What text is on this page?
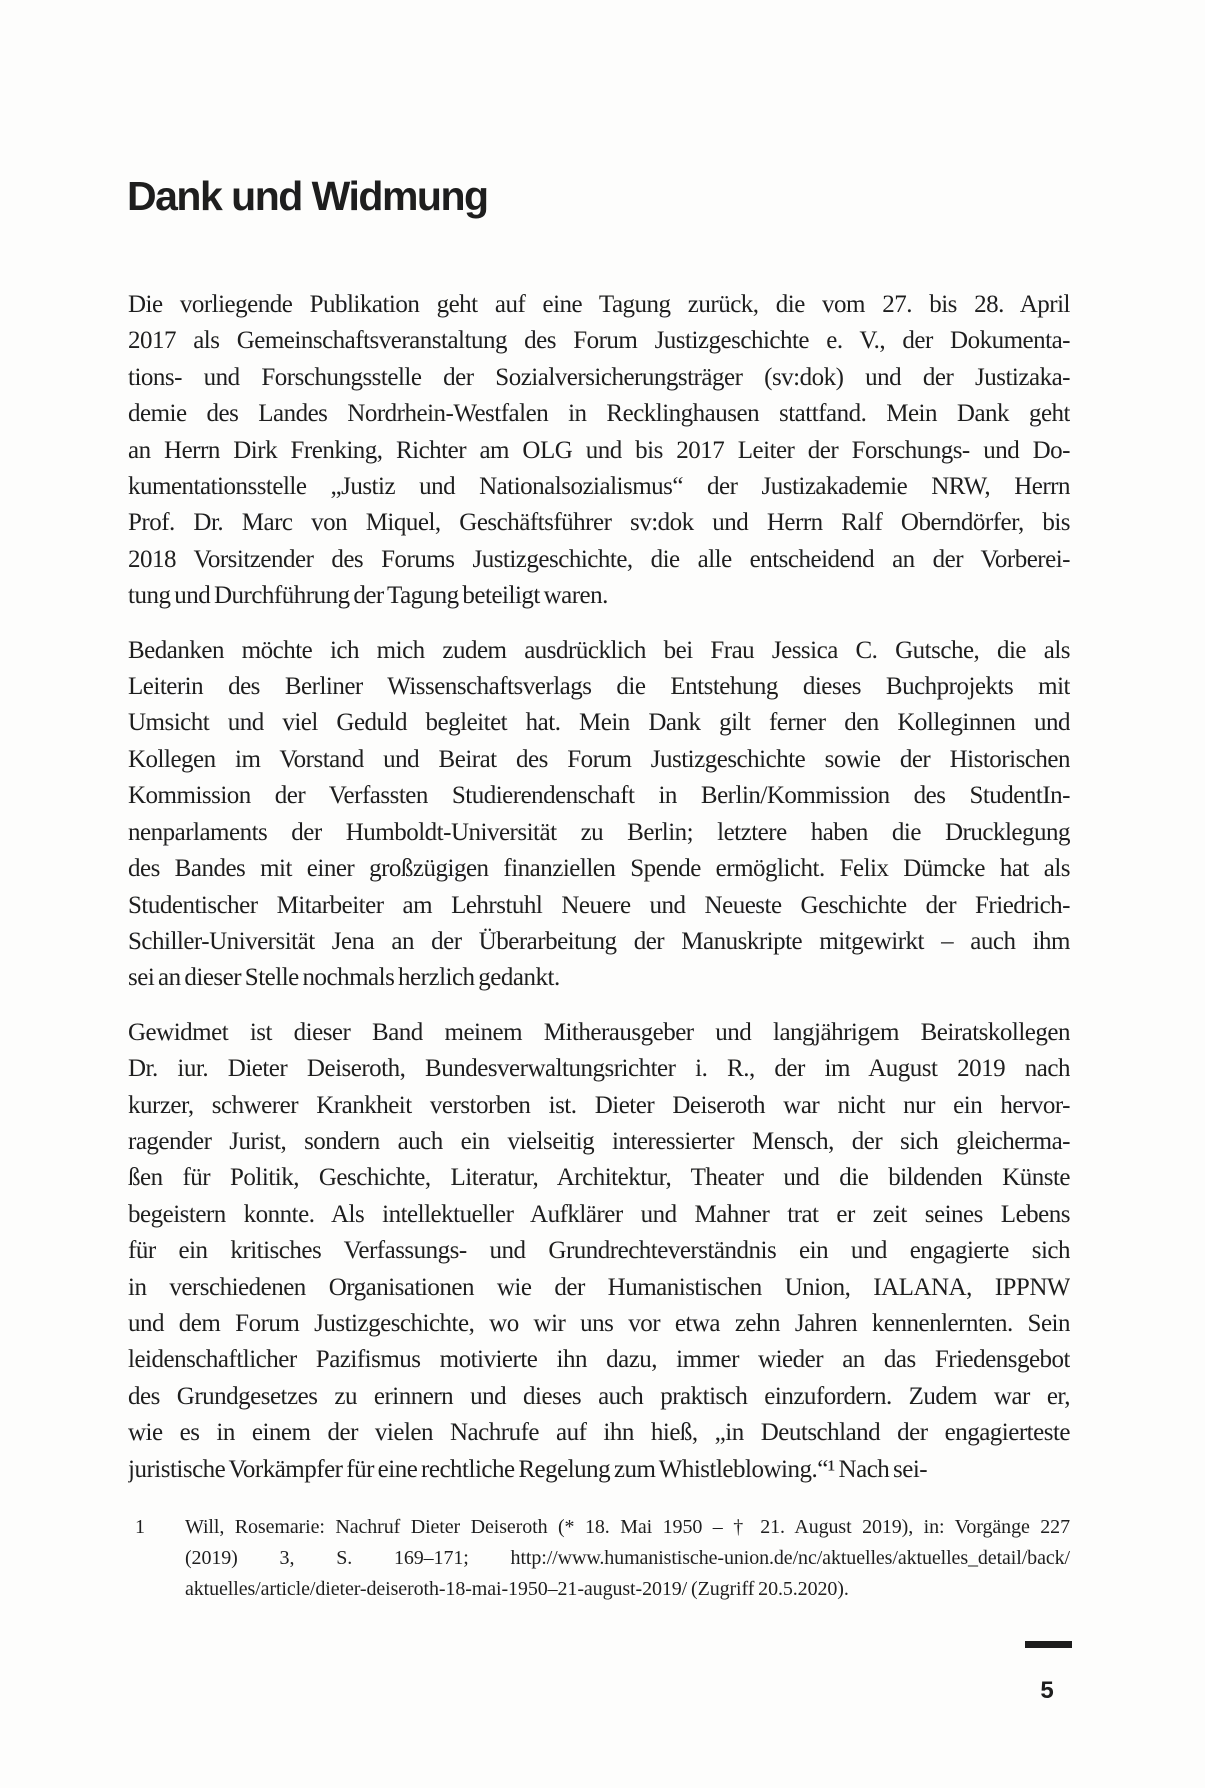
Dank und Widmung
Die vorliegende Publikation geht auf eine Tagung zurück, die vom 27. bis 28. April
2017 als Gemeinschaftsveranstaltung des Forum Justizgeschichte e. V., der Dokumenta-
tions- und Forschungsstelle der Sozialversicherungsträger (sv:dok) und der Justizaka-
demie des Landes Nordrhein-Westfalen in Recklinghausen stattfand. Mein Dank geht
an Herrn Dirk Frenking, Richter am OLG und bis 2017 Leiter der Forschungs- und Do-
kumentationsstelle „Justiz und Nationalsozialismus“ der Justizakademie NRW, Herrn
Prof. Dr. Marc von Miquel, Geschäftsführer sv:dok und Herrn Ralf Oberndörfer, bis
2018 Vorsitzender des Forums Justizgeschichte, die alle entscheidend an der Vorberei-
tung und Durchführung der Tagung beteiligt waren.
Bedanken möchte ich mich zudem ausdrücklich bei Frau Jessica C. Gutsche, die als
Leiterin des Berliner Wissenschaftsverlags die Entstehung dieses Buchprojekts mit
Umsicht und viel Geduld begleitet hat. Mein Dank gilt ferner den Kolleginnen und
Kollegen im Vorstand und Beirat des Forum Justizgeschichte sowie der Historischen
Kommission der Verfassten Studierendenschaft in Berlin/Kommission des StudentIn-
nenparlaments der Humboldt-Universität zu Berlin; letztere haben die Drucklegung
des Bandes mit einer großzügigen finanziellen Spende ermöglicht. Felix Dümcke hat als
Studentischer Mitarbeiter am Lehrstuhl Neuere und Neueste Geschichte der Friedrich-
Schiller-Universität Jena an der Überarbeitung der Manuskripte mitgewirkt – auch ihm
sei an dieser Stelle nochmals herzlich gedankt.
Gewidmet ist dieser Band meinem Mitherausgeber und langjährigem Beiratskollegen
Dr. iur. Dieter Deiseroth, Bundesverwaltungsrichter i. R., der im August 2019 nach
kurzer, schwerer Krankheit verstorben ist. Dieter Deiseroth war nicht nur ein hervor-
ragender Jurist, sondern auch ein vielseitig interessierter Mensch, der sich gleicherma-
ßen für Politik, Geschichte, Literatur, Architektur, Theater und die bildenden Künste
begeistern konnte. Als intellektueller Aufklärer und Mahner trat er zeit seines Lebens
für ein kritisches Verfassungs- und Grundrechteverständnis ein und engagierte sich
in verschiedenen Organisationen wie der Humanistischen Union, IALANA, IPPNW
und dem Forum Justizgeschichte, wo wir uns vor etwa zehn Jahren kennenlernten. Sein
leidenschaftlicher Pazifismus motivierte ihn dazu, immer wieder an das Friedensgebot
des Grundgesetzes zu erinnern und dieses auch praktisch einzufordern. Zudem war er,
wie es in einem der vielen Nachrufe auf ihn hieß, „in Deutschland der engagierteste
juristische Vorkämpfer für eine rechtliche Regelung zum Whistleblowing.“¹ Nach sei-
1 Will, Rosemarie: Nachruf Dieter Deiseroth (* 18. Mai 1950 – † 21. August 2019), in: Vorgänge 227
(2019) 3, S. 169–171; http://www.humanistische-union.de/nc/aktuelles/aktuelles_detail/back/
aktuelles/article/dieter-deiseroth-18-mai-1950–21-august-2019/ (Zugriff 20.5.2020).
5
